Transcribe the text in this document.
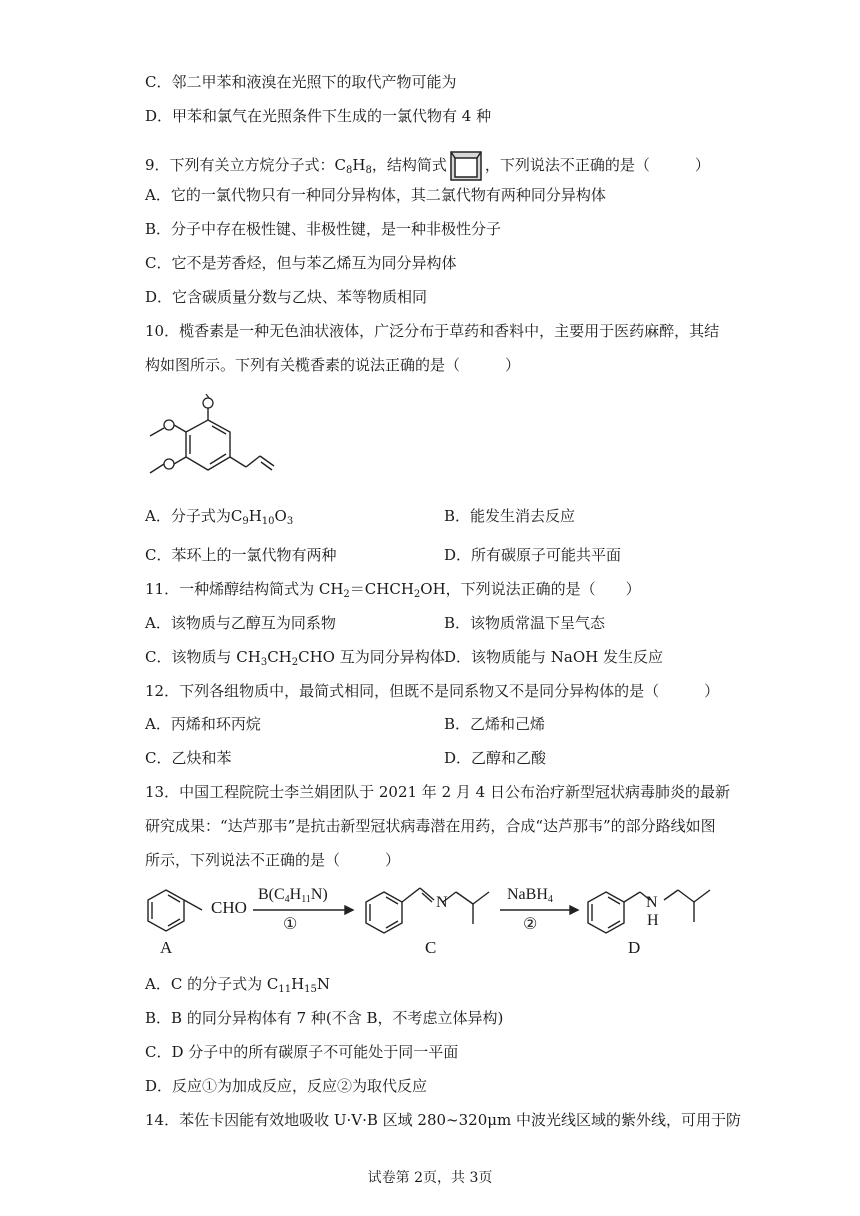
C．邻二甲苯和液溴在光照下的取代产物可能为
D．甲苯和氯气在光照条件下生成的一氯代物有 4 种
9．下列有关立方烷分子式：$C_8H_8$，结构简式	，下列说法不正确的是（　　　）
A．它的一氯代物只有一种同分异构体，其二氯代物有两种同分异构体
B．分子中存在极性键、非极性键，是一种非极性分子
C．它不是芳香烃，但与苯乙烯互为同分异构体
D．它含碳质量分数与乙炔、苯等物质相同
10．榄香素是一种无色油状液体，广泛分布于草药和香料中，主要用于医药麻醉，其结
构如图所示。下列有关榄香素的说法正确的是（　　　）
A．分子式为$C_9H_{10}O_3$	B．能发生消去反应
C．苯环上的一氯代物有两种	D．所有碳原子可能共平面
11．一种烯醇结构简式为 $CH_2=CHCH_2OH$，下列说法正确的是（　　）
A．该物质与乙醇互为同系物	B．该物质常温下呈气态
C．该物质与 $CH_3CH_2CHO$ 互为同分异构体 D．该物质能与 NaOH 发生反应
12．下列各组物质中，最简式相同，但既不是同系物又不是同分异构体的是（　　　）
A．丙烯和环丙烷	B．乙烯和己烯
C．乙炔和苯	D．乙醇和乙酸
13．中国工程院院士李兰娟团队于 2021 年 2 月 4 日公布治疗新型冠状病毒肺炎的最新
研究成果：“达芦那韦”是抗击新型冠状病毒潜在用药，合成“达芦那韦”的部分路线如图
所示，下列说法不正确的是（　　　）
CHO
$B(C_4H_{11}N)$
①
N	NaBH$_4$
②
N
H
A	C	D
A．C 的分子式为 $C_{11}H_{15}N$
B．B 的同分异构体有 7 种(不含 B，不考虑立体异构)
C．D 分子中的所有碳原子不可能处于同一平面
D．反应①为加成反应，反应②为取代反应
14．苯佐卡因能有效地吸收 U·V·B 区域 280~320μm 中波光线区域的紫外线，可用于防
试卷第 2页，共 3页
